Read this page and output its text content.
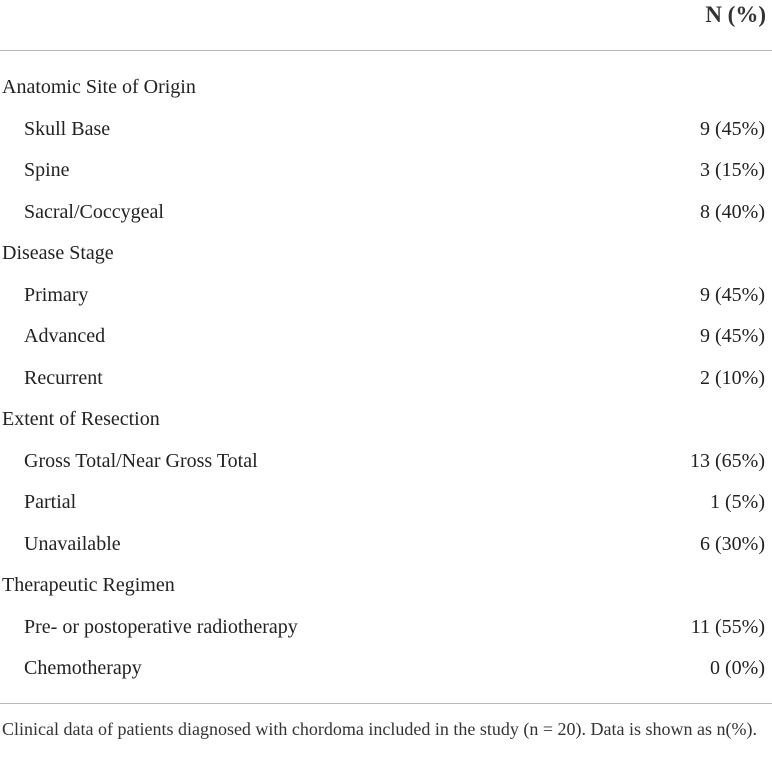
N (%)
Anatomic Site of Origin
Skull Base	9 (45%)
Spine	3 (15%)
Sacral/Coccygeal	8 (40%)
Disease Stage
Primary	9 (45%)
Advanced	9 (45%)
Recurrent	2 (10%)
Extent of Resection
Gross Total/Near Gross Total	13 (65%)
Partial	1 (5%)
Unavailable	6 (30%)
Therapeutic Regimen
Pre- or postoperative radiotherapy	11 (55%)
Chemotherapy	0 (0%)
Clinical data of patients diagnosed with chordoma included in the study (n = 20). Data is shown as n(%).
